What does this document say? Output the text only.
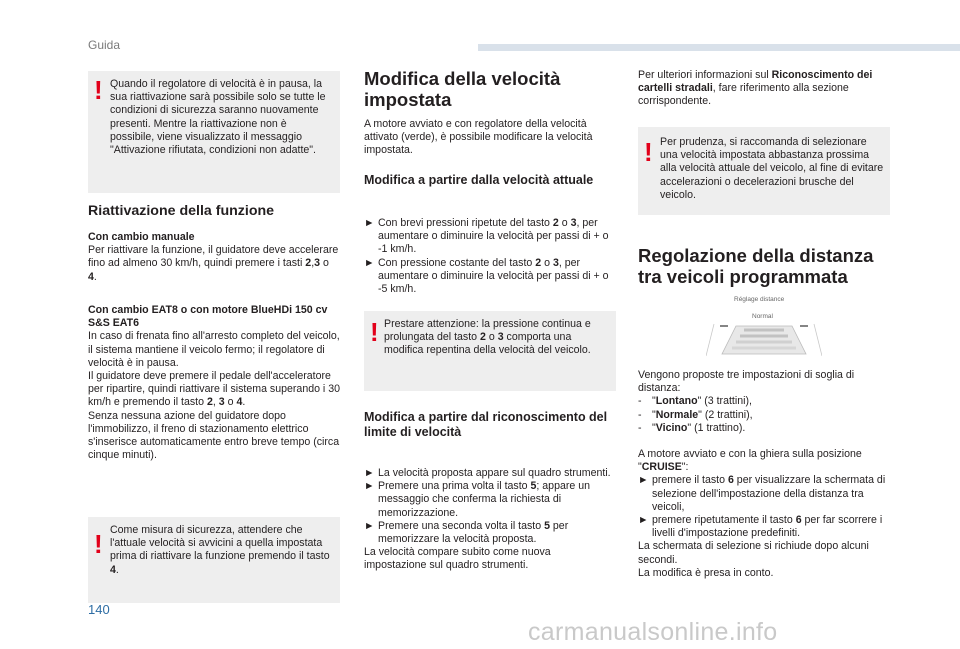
Guida
! Quando il regolatore di velocità è in pausa, la sua riattivazione sarà possibile solo se tutte le condizioni di sicurezza saranno nuovamente presenti. Mentre la riattivazione non è possibile, viene visualizzato il messaggio "Attivazione rifiutata, condizioni non adatte".
Riattivazione della funzione
Con cambio manuale
Per riattivare la funzione, il guidatore deve accelerare fino ad almeno 30 km/h, quindi premere i tasti 2,3 o 4.
Con cambio EAT8 o con motore BlueHDi 150 cv S&S EAT6
In caso di frenata fino all'arresto completo del veicolo, il sistema mantiene il veicolo fermo; il regolatore di velocità è in pausa.
Il guidatore deve premere il pedale dell'acceleratore per ripartire, quindi riattivare il sistema superando i 30 km/h e premendo il tasto 2, 3 o 4.
Senza nessuna azione del guidatore dopo l'immobilizzo, il freno di stazionamento elettrico s'inserisce automaticamente entro breve tempo (circa cinque minuti).
! Come misura di sicurezza, attendere che l'attuale velocità si avvicini a quella impostata prima di riattivare la funzione premendo il tasto 4.
Modifica della velocità impostata
A motore avviato e con regolatore della velocità attivato (verde), è possibile modificare la velocità impostata.
Modifica a partire dalla velocità attuale
► Con brevi pressioni ripetute del tasto 2 o 3, per aumentare o diminuire la velocità per passi di + o -1 km/h.
► Con pressione costante del tasto 2 o 3, per aumentare o diminuire la velocità per passi di + o -5 km/h.
! Prestare attenzione: la pressione continua e prolungata del tasto 2 o 3 comporta una modifica repentina della velocità del veicolo.
Modifica a partire dal riconoscimento del limite di velocità
► La velocità proposta appare sul quadro strumenti.
► Premere una prima volta il tasto 5; appare un messaggio che conferma la richiesta di memorizzazione.
► Premere una seconda volta il tasto 5 per memorizzare la velocità proposta.
La velocità compare subito come nuova impostazione sul quadro strumenti.
Per ulteriori informazioni sul Riconoscimento dei cartelli stradali, fare riferimento alla sezione corrispondente.
! Per prudenza, si raccomanda di selezionare una velocità impostata abbastanza prossima alla velocità attuale del veicolo, al fine di evitare accelerazioni o decelerazioni brusche del veicolo.
Regolazione della distanza tra veicoli programmata
Réglage distance
Normal
Vengono proposte tre impostazioni di soglia di distanza:
- "Lontano" (3 trattini),
- "Normale" (2 trattini),
- "Vicino" (1 trattino).
A motore avviato e con la ghiera sulla posizione "CRUISE":
► premere il tasto 6 per visualizzare la schermata di selezione dell'impostazione della distanza tra veicoli,
► premere ripetutamente il tasto 6 per far scorrere i livelli d'impostazione predefiniti.
La schermata di selezione si richiude dopo alcuni secondi.
La modifica è presa in conto.
140
carmanualsonline.info
